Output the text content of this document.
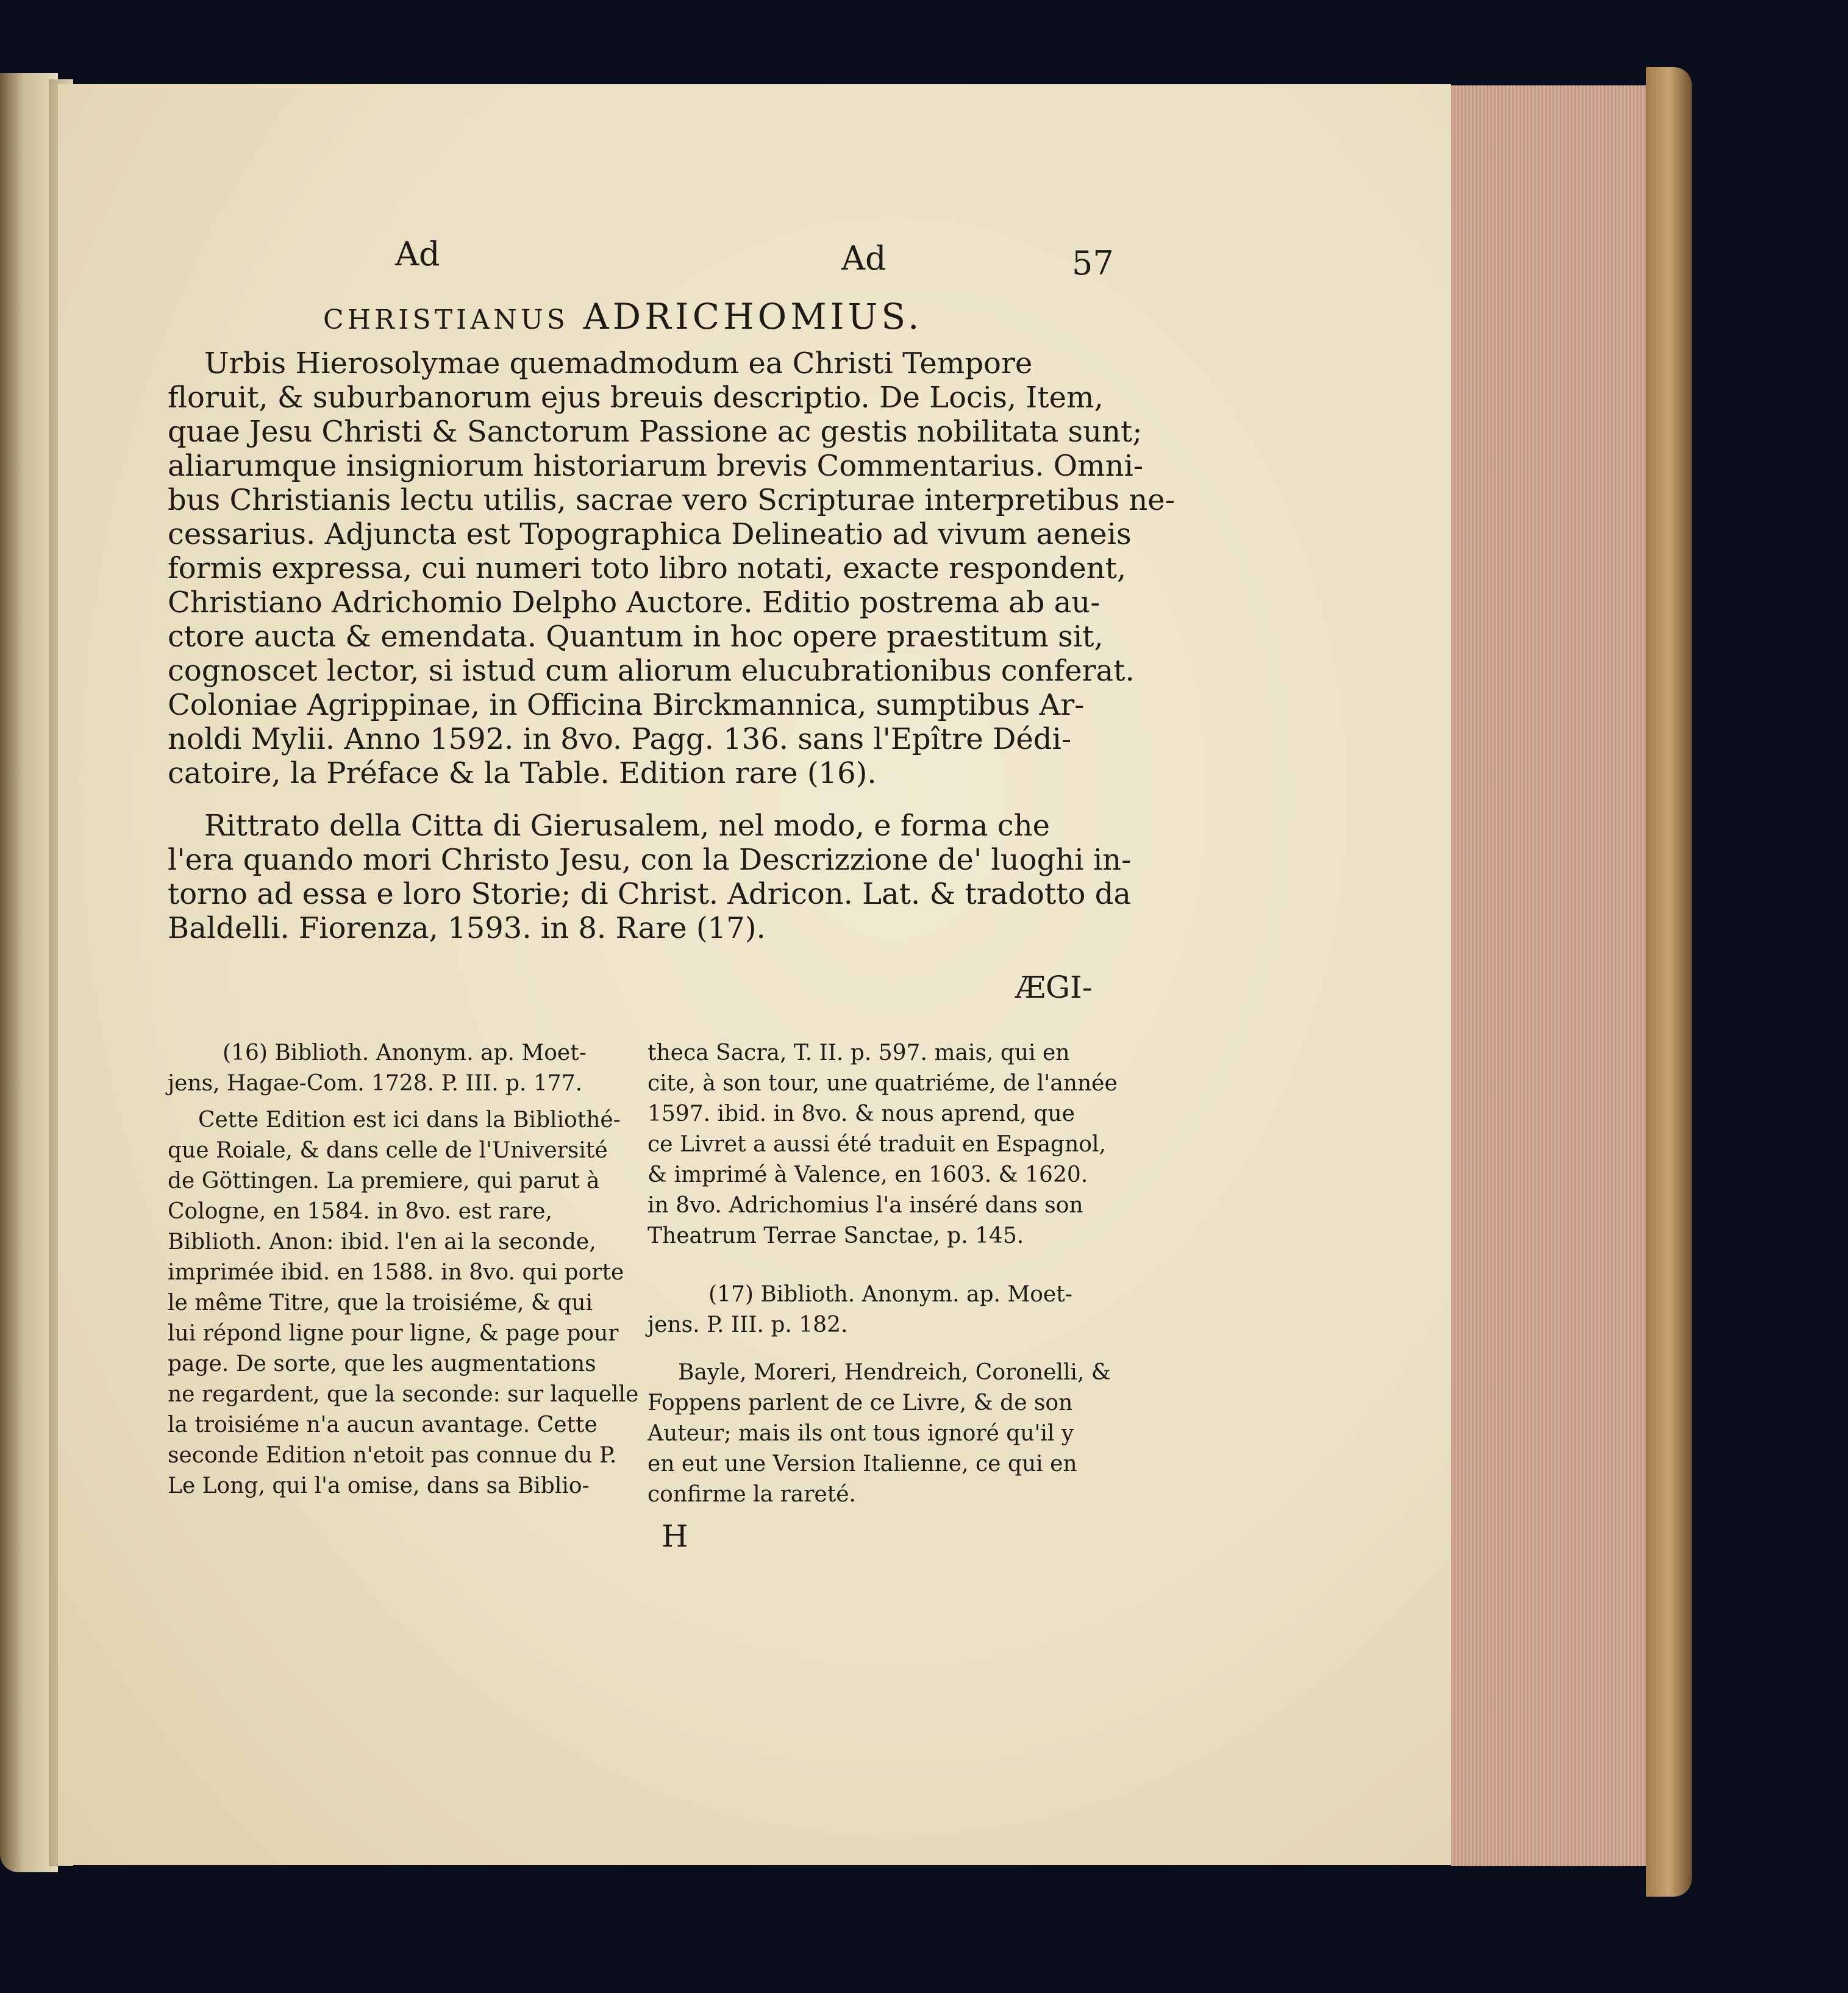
Ad	Ad	57
CHRISTIANUS ADRICHOMIUS.
Urbis Hierosolymae quemadmodum ea Christi Tempore
floruit, & suburbanorum ejus breuis descriptio. De Locis, Item,
quae Jesu Christi & Sanctorum Passione ac gestis nobilitata sunt;
aliarumque insigniorum historiarum brevis Commentarius. Omni-
bus Christianis lectu utilis, sacrae vero Scripturae interpretibus ne-
cessarius. Adjuncta est Topographica Delineatio ad vivum aeneis
formis expressa, cui numeri toto libro notati, exacte respondent,
Christiano Adrichomio Delpho Auctore. Editio postrema ab au-
ctore aucta & emendata. Quantum in hoc opere praestitum sit,
cognoscet lector, si istud cum aliorum elucubrationibus conferat.
Coloniae Agrippinae, in Officina Birckmannica, sumptibus Ar-
noldi Mylii. Anno 1592. in 8vo. Pagg. 136. sans l'Epître Dédi-
catoire, la Préface & la Table. Edition rare (16).
Rittrato della Citta di Gierusalem, nel modo, e forma che
l'era quando mori Christo Jesu, con la Descrizzione de' luoghi in-
torno ad essa e loro Storie; di Christ. Adricon. Lat. & tradotto da
Baldelli. Fiorenza, 1593. in 8. Rare (17).
ÆGI-
(16) Biblioth. Anonym. ap. Moet-
jens, Hagae-Com. 1728. P. III. p. 177.
Cette Edition est ici dans la Bibliothé-
que Roiale, & dans celle de l'Université
de Göttingen. La premiere, qui parut à
Cologne, en 1584. in 8vo. est rare,
Biblioth. Anon: ibid. l'en ai la seconde,
imprimée ibid. en 1588. in 8vo. qui porte
le même Titre, que la troisiéme, & qui
lui répond ligne pour ligne, & page pour
page. De sorte, que les augmentations
ne regardent, que la seconde: sur laquelle
la troisiéme n'a aucun avantage. Cette
seconde Edition n'etoit pas connue du P.
Le Long, qui l'a omise, dans sa Biblio-
theca Sacra, T. II. p. 597. mais, qui en
cite, à son tour, une quatriéme, de l'année
1597. ibid. in 8vo. & nous aprend, que
ce Livret a aussi été traduit en Espagnol,
& imprimé à Valence, en 1603. & 1620.
in 8vo. Adrichomius l'a inséré dans son
Theatrum Terrae Sanctae, p. 145.
(17) Biblioth. Anonym. ap. Moet-
jens. P. III. p. 182.
Bayle, Moreri, Hendreich, Coronelli, &
Foppens parlent de ce Livre, & de son
Auteur; mais ils ont tous ignoré qu'il y
en eut une Version Italienne, ce qui en
confirme la rareté.
H
